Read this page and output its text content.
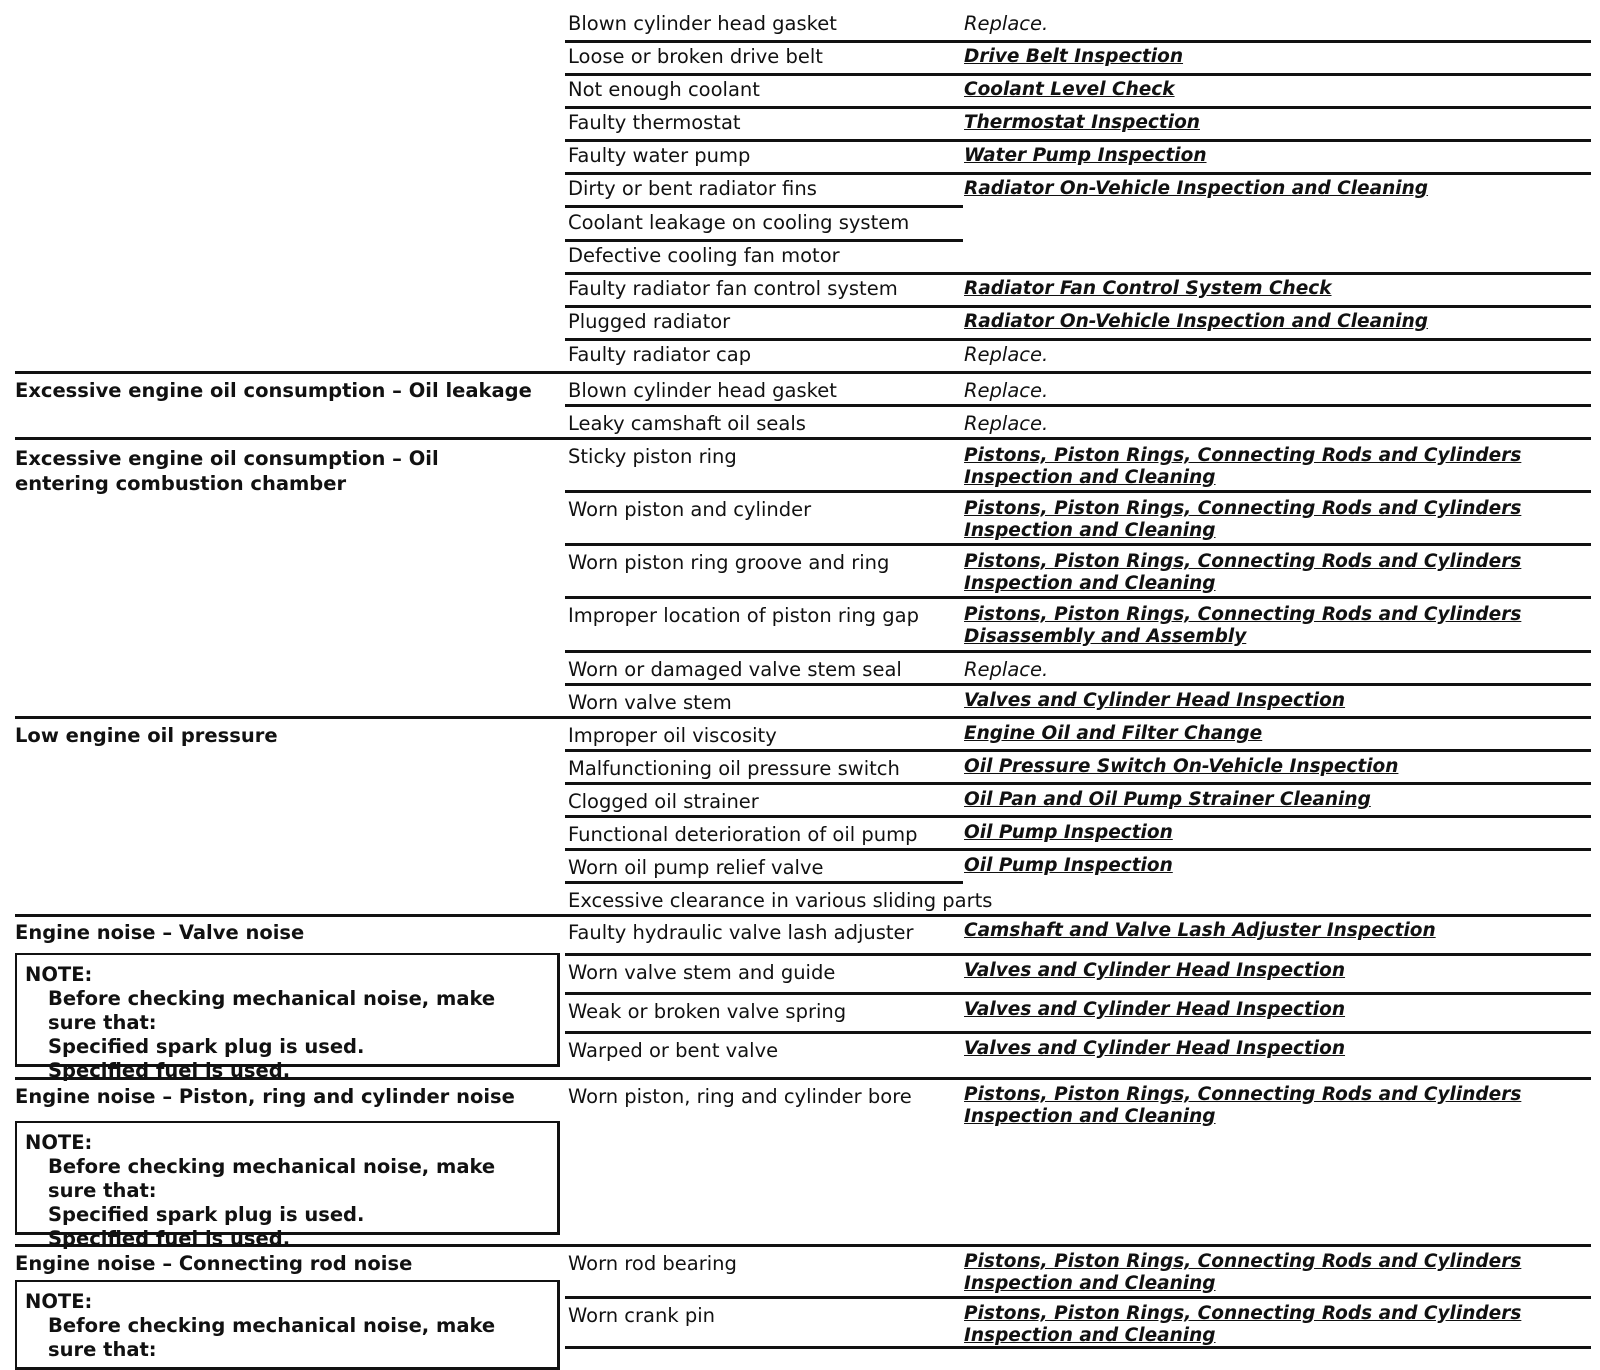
Excessive engine oil consumption – Oil leakage
Excessive engine oil consumption – Oil entering combustion chamber
Low engine oil pressure
Engine noise – Valve noise
Engine noise – Piston, ring and cylinder noise
Engine noise – Connecting rod noise
NOTE:
Before checking mechanical noise, make sure that:
Specified spark plug is used.
Specified fuel is used.
NOTE:
Before checking mechanical noise, make sure that:
Specified spark plug is used.
Specified fuel is used.
NOTE:
Before checking mechanical noise, make sure that:
Blown cylinder head gasket
Loose or broken drive belt
Not enough coolant
Faulty thermostat
Faulty water pump
Dirty or bent radiator fins
Coolant leakage on cooling system
Defective cooling fan motor
Faulty radiator fan control system
Plugged radiator
Faulty radiator cap
Blown cylinder head gasket
Leaky camshaft oil seals
Sticky piston ring
Worn piston and cylinder
Worn piston ring groove and ring
Improper location of piston ring gap
Worn or damaged valve stem seal
Worn valve stem
Improper oil viscosity
Malfunctioning oil pressure switch
Clogged oil strainer
Functional deterioration of oil pump
Worn oil pump relief valve
Excessive clearance in various sliding parts
Faulty hydraulic valve lash adjuster
Worn valve stem and guide
Weak or broken valve spring
Warped or bent valve
Worn piston, ring and cylinder bore
Worn rod bearing
Worn crank pin
Replace.
Drive Belt Inspection
Coolant Level Check
Thermostat Inspection
Water Pump Inspection
Radiator On-Vehicle Inspection and Cleaning
Radiator Fan Control System Check
Radiator On-Vehicle Inspection and Cleaning
Replace.
Replace.
Replace.
Pistons, Piston Rings, Connecting Rods and Cylinders Inspection and Cleaning
Pistons, Piston Rings, Connecting Rods and Cylinders Inspection and Cleaning
Pistons, Piston Rings, Connecting Rods and Cylinders Inspection and Cleaning
Pistons, Piston Rings, Connecting Rods and Cylinders Disassembly and Assembly
Replace.
Valves and Cylinder Head Inspection
Engine Oil and Filter Change
Oil Pressure Switch On-Vehicle Inspection
Oil Pan and Oil Pump Strainer Cleaning
Oil Pump Inspection
Oil Pump Inspection
Camshaft and Valve Lash Adjuster Inspection
Valves and Cylinder Head Inspection
Valves and Cylinder Head Inspection
Valves and Cylinder Head Inspection
Pistons, Piston Rings, Connecting Rods and Cylinders Inspection and Cleaning
Pistons, Piston Rings, Connecting Rods and Cylinders Inspection and Cleaning
Pistons, Piston Rings, Connecting Rods and Cylinders Inspection and Cleaning
